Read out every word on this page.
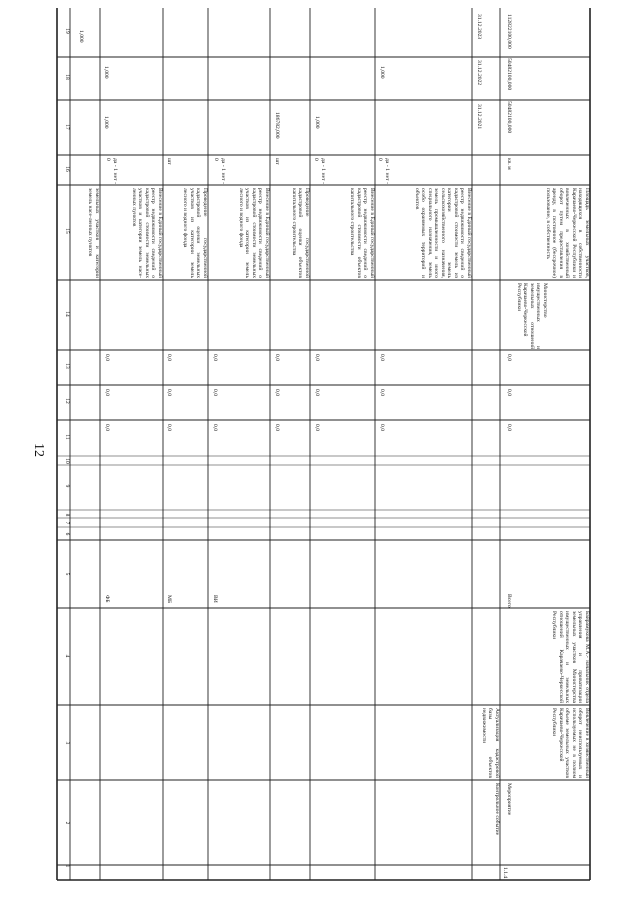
12
1
2
3
4
5
6
7
8
9
10
11
12
13
14
15
16
17
18
19
земельных участков и категории земель насе-ленных пунктов
1,000
ФБ
0,0
0,0
0,0
Внесение в Единый государственный реестр недвижимости сведений о кадастровой стоимости земельных участков и категории земель насе-ленных пунктов
да - 1 нет - 0
1,000
1,000
МБ
0,0
0,0
0,0
Проведение государственной кадастровой оценки земельных участков из категории земель лесного и водного фонда
шт
ВИ
0,0
0,0
0,0
Внесение в Единый государственный реестр недвижимости сведений о кадастровой стоимости земельных участков из категории земель лесного и водного фонда
да - 1 нет - 0
0,0
0,0
0,0
Проведение государственной кадастровой оценки объектов капитального строительства
шт
186782,000
0,0
0,0
0,0
Внесение в Единый государственный реестр недвижимости сведений о кадастровой стоимости объектов капитального строительства
да - 1 нет - 0
1,000
0,0
0,0
0,0
Внесение в Единый государственный реестр недвижимости сведений о кадастровой стоимости земель из категории земель сельскохозяйственного назначения, земель промышленности и иного специального назначения, земель особо охраняемых территорий и объектов
да - 1 нет - 0
1,000
Контрольное событие
Актуализация кадастровой базы объектов недвижимости
31.12.2021
31.12.2022
31.12.2023
1.1.4
Мероприятие
Вовлечение в хозяйственный оборот неиспользуемых и используемых не в полном объеме земельных участков Карачаево-Черкесской Республики
Байрамукова М.А.- начальник отдела управления и приватизации земельных участков Министерства имущественных и земельных отношений Карачаево-Черкесской Республики
Всего
0,0
0,0
0,0
Министерство имущественных и земельных отношений Карачаево-Черкесской Республики
Площадь земельных участков, находящихся в собственности Карачаево-Черкесской Республики и вовлеченных в хозяйственный оборот путем предоставления в аренду, в постоянное (бессрочное) пользование, в собственность
кв. м
50482100,000
50482100,000
112822100,000
